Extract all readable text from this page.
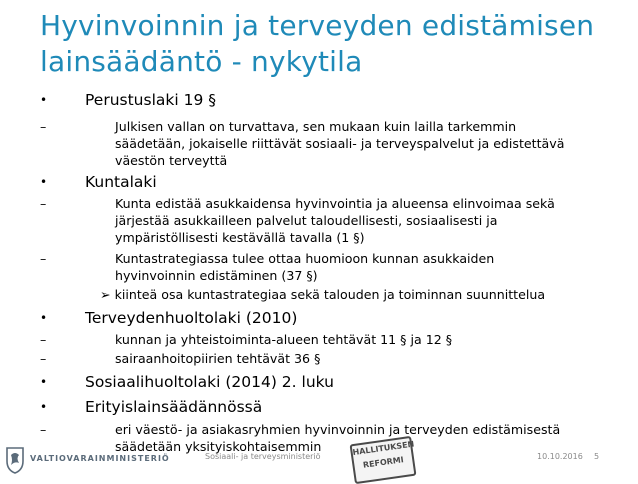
Hyvinvoinnin ja terveyden edistämisen
lainsäädäntö - nykytila
• Perustuslaki 19 §
–	Julkisen vallan on turvattava, sen mukaan kuin lailla tarkemmin
säädetään, jokaiselle riittävät sosiaali- ja terveyspalvelut ja edistettävä
väestön terveyttä
• Kuntalaki
–	Kunta edistää asukkaidensa hyvinvointia ja alueensa elinvoimaa sekä
järjestää asukkailleen palvelut taloudellisesti, sosiaalisesti ja
ympäristöllisesti kestävällä tavalla (1 §)
–	Kuntastrategiassa tulee ottaa huomioon kunnan asukkaiden
hyvinvoinnin edistäminen (37 §)
➢ kiinteä osa kuntastrategiaa sekä talouden ja toiminnan suunnittelua
• Terveydenhuoltolaki (2010)
–	kunnan ja yhteistoiminta-alueen tehtävät 11 § ja 12 §
–	sairaanhoitopiirien tehtävät 36 §
• Sosiaalihuoltolaki (2014) 2. luku
• Erityislainsäädännössä
–	eri väestö- ja asiakasryhmien hyvinvoinnin ja terveyden edistämisestä
säädetään yksityiskohtaisemmin
VALTIOVARAINMINISTERIÖ	Sosiaali- ja terveysministeriö	HALLITUKSEN
REFORMI	10.10.2016 5
